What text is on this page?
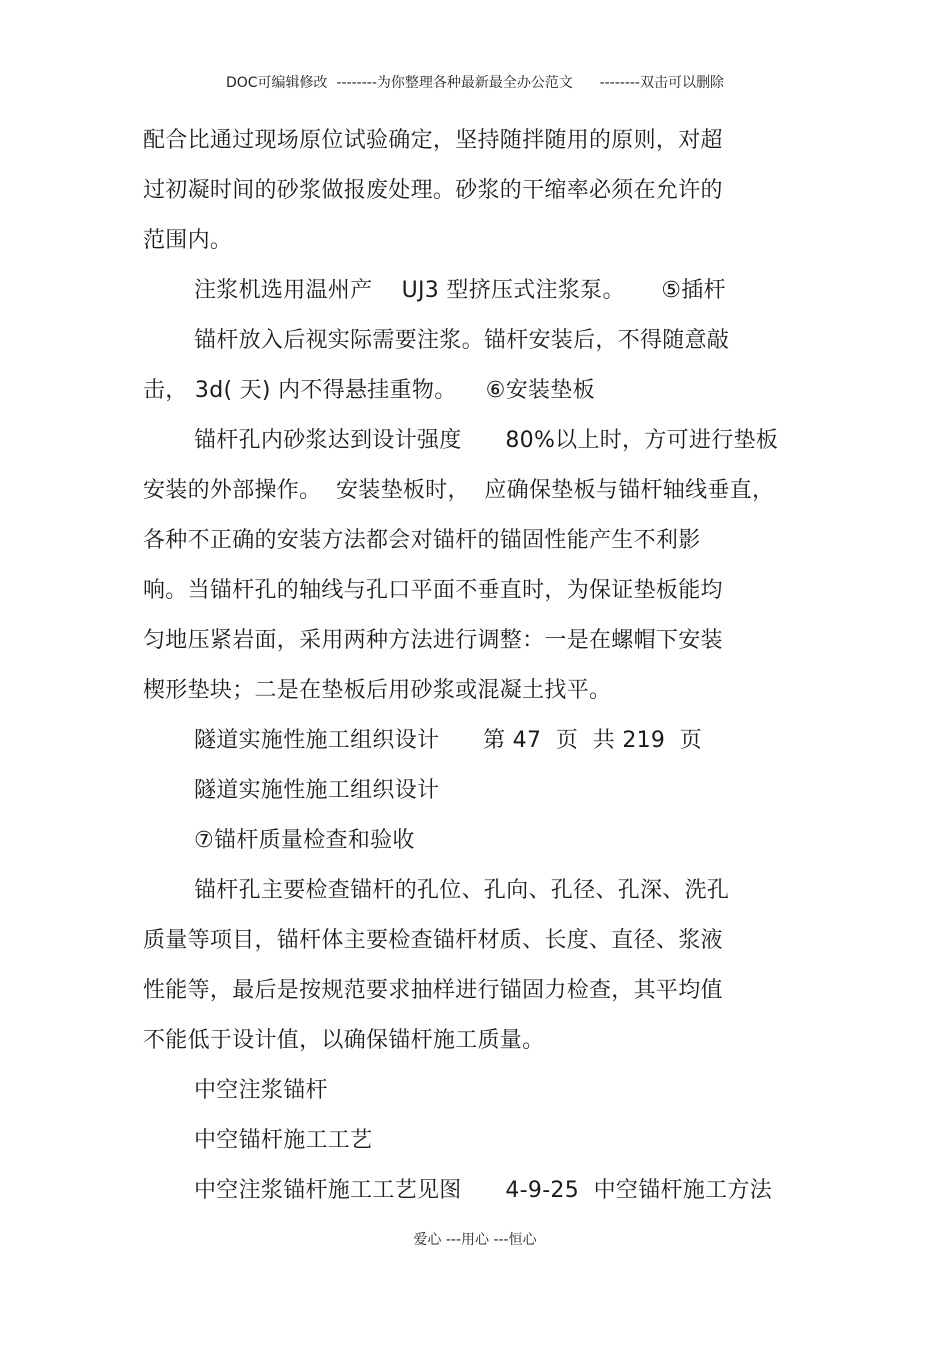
DOC可编辑修改  --------为你整理各种最新最全办公范文      --------双击可以删除
配合比通过现场原位试验确定，坚持随拌随用的原则，对超
过初凝时间的砂浆做报废处理。砂浆的干缩率必须在允许的
范围内。
注浆机选用温州产    UJ3 型挤压式注浆泵。     ⑤插杆
锚杆放入后视实际需要注浆。锚杆安装后，不得随意敲
击， 3d( 天) 内不得悬挂重物。    ⑥安装垫板
锚杆孔内砂浆达到设计强度      80%以上时，方可进行垫板
安装的外部操作。  安装垫板时，  应确保垫板与锚杆轴线垂直，
各种不正确的安装方法都会对锚杆的锚固性能产生不利影
响。当锚杆孔的轴线与孔口平面不垂直时，为保证垫板能均
匀地压紧岩面，采用两种方法进行调整：一是在螺帽下安装
楔形垫块；二是在垫板后用砂浆或混凝土找平。
隧道实施性施工组织设计      第 47  页  共 219  页
隧道实施性施工组织设计
⑦锚杆质量检查和验收
锚杆孔主要检查锚杆的孔位、孔向、孔径、孔深、洗孔
质量等项目，锚杆体主要检查锚杆材质、长度、直径、浆液
性能等，最后是按规范要求抽样进行锚固力检查，其平均值
不能低于设计值，以确保锚杆施工质量。
中空注浆锚杆
中空锚杆施工工艺
中空注浆锚杆施工工艺见图      4-9-25  中空锚杆施工方法
爱心 ---用心 ---恒心
